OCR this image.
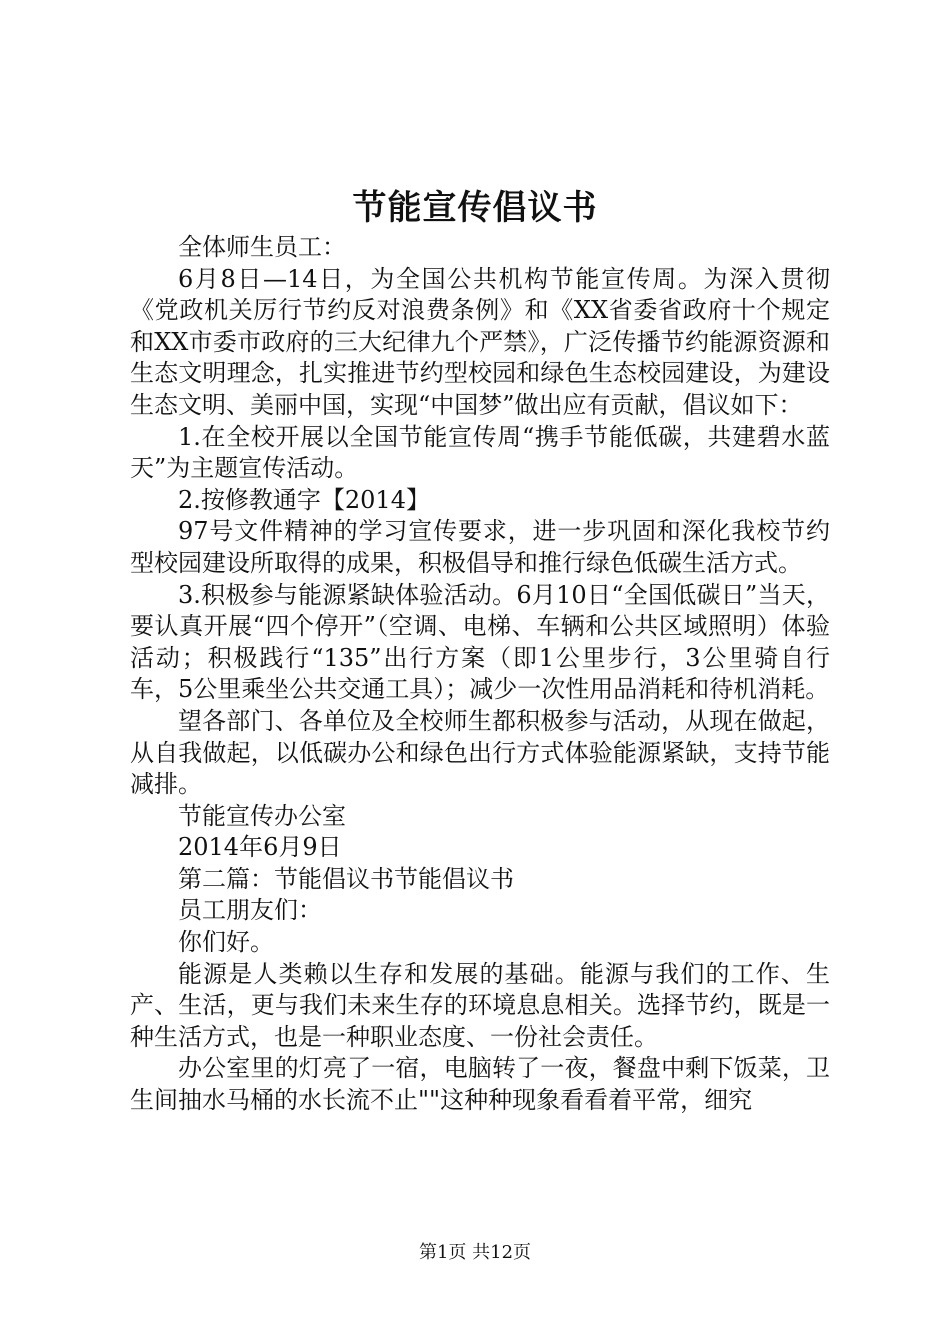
节能宣传倡议书

全体师生员工：

6月8日—14日，为全国公共机构节能宣传周。为深入贯彻《党政机关厉行节约反对浪费条例》和《XX省委省政府十个规定和XX市委市政府的三大纪律九个严禁》，广泛传播节约能源资源和生态文明理念，扎实推进节约型校园和绿色生态校园建设，为建设生态文明、美丽中国，实现“中国梦”做出应有贡献，倡议如下：

1.在全校开展以全国节能宣传周“携手节能低碳，共建碧水蓝天”为主题宣传活动。

2.按修教通字【2014】

97号文件精神的学习宣传要求，进一步巩固和深化我校节约型校园建设所取得的成果，积极倡导和推行绿色低碳生活方式。

3.积极参与能源紧缺体验活动。6月10日“全国低碳日”当天，要认真开展“四个停开”（空调、电梯、车辆和公共区域照明）体验活动；积极践行“135”出行方案（即1公里步行，3公里骑自行车，5公里乘坐公共交通工具）；减少一次性用品消耗和待机消耗。

望各部门、各单位及全校师生都积极参与活动，从现在做起，从自我做起，以低碳办公和绿色出行方式体验能源紧缺，支持节能减排。

节能宣传办公室

2014年6月9日

第二篇：节能倡议书节能倡议书

员工朋友们：

你们好。

能源是人类赖以生存和发展的基础。能源与我们的工作、生产、生活，更与我们未来生存的环境息息相关。选择节约，既是一种生活方式，也是一种职业态度、一份社会责任。

办公室里的灯亮了一宿，电脑转了一夜，餐盘中剩下饭菜，卫生间抽水马桶的水长流不止""这种种现象看看着平常，细究

第1页 共12页
